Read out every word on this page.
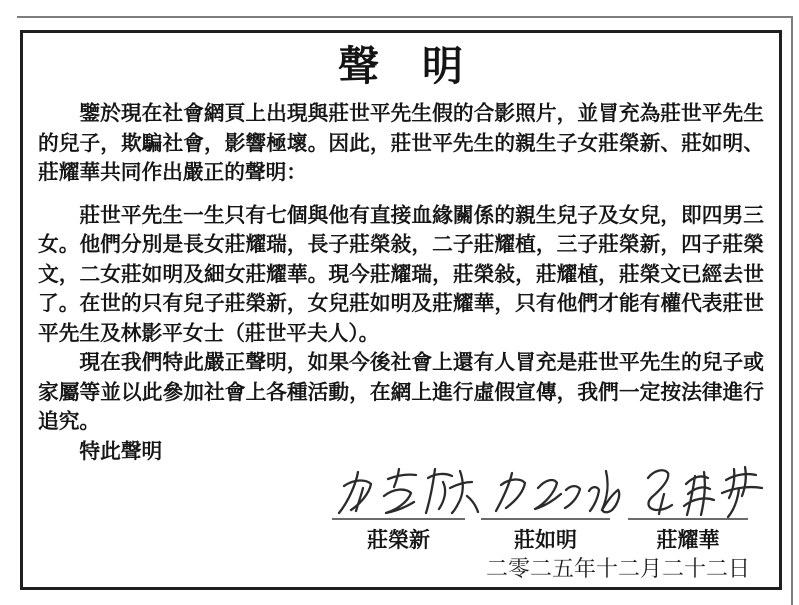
聲　明

鑒於現在社會網頁上出現與莊世平先生假的合影照片，並冒充為莊世平先生的兒子，欺騙社會，影響極壞。因此，莊世平先生的親生子女莊榮新、莊如明、莊耀華共同作出嚴正的聲明：

莊世平先生一生只有七個與他有直接血緣關係的親生兒子及女兒，即四男三女。他們分別是長女莊耀瑞，長子莊榮敍，二子莊耀植，三子莊榮新，四子莊榮文，二女莊如明及細女莊耀華。現今莊耀瑞，莊榮敍，莊耀植，莊榮文已經去世了。在世的只有兒子莊榮新，女兒莊如明及莊耀華，只有他們才能有權代表莊世平先生及林影平女士（莊世平夫人）。

現在我們特此嚴正聲明，如果今後社會上還有人冒充是莊世平先生的兒子或家屬等並以此參加社會上各種活動，在網上進行虛假宣傳，我們一定按法律進行追究。

特此聲明

莊榮新	莊如明	莊耀華
二零二五年十二月二十二日
